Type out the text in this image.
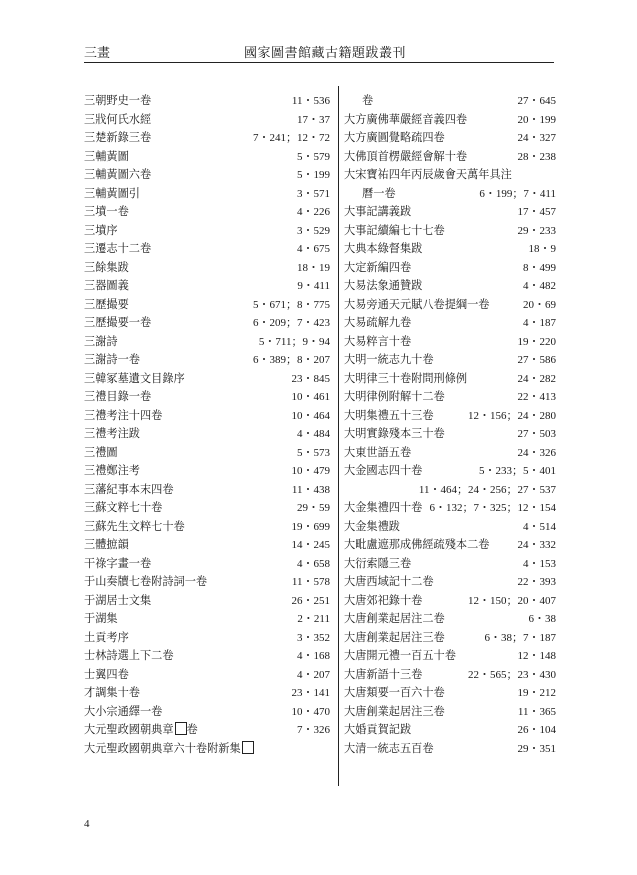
三畫	國家圖書館藏古籍題跋叢刊
三朝野史一卷	11・536
三戕何氏水經	17・37
三楚新錄三卷	7・241；12・72
三輔黃圖	5・579
三輔黃圖六卷	5・199
三輔黃圖引	3・571
三墳一卷	4・226
三墳序	3・529
三遷志十二卷	4・675
三餘集跋	18・19
三器圖義	9・411
三歷撮要	5・671；8・775
三歷撮要一卷	6・209；7・423
三謝詩	5・711；9・94
三謝詩一卷	6・389；8・207
三韓冢墓遺文目錄序	23・845
三禮目錄一卷	10・461
三禮考注十四卷	10・464
三禮考注跋	4・484
三禮圖	5・573
三禮鄭注考	10・479
三藩紀事本末四卷	11・438
三蘇文粹七十卷	29・59
三蘇先生文粹七十卷	19・699
三體摭韻	14・245
干祿字畫一卷	4・658
于山奏牘七卷附詩詞一卷	11・578
于湖居士文集	26・251
于湖集	2・211
土貢考序	3・352
士林詩選上下二卷	4・168
士翼四卷	4・207
才調集十卷	23・141
大小宗通繹一卷	10・470
大元聖政國朝典章 卷	7・326
大元聖政國朝典章六十卷附新集
卷	27・645
大方廣佛華嚴經音義四卷	20・199
大方廣圓覺略疏四卷	24・327
大佛頂首楞嚴經會解十卷	28・238
大宋寶祐四年丙辰歲會天萬年具注
曆一卷	6・199；7・411
大事記講義跋	17・457
大事記續編七十七卷	29・233
大典本綠督集跋	18・9
大定新編四卷	8・499
大易法象通贊跋	4・482
大易旁通天元賦八卷提綱一卷	20・69
大易疏解九卷	4・187
大易粹言十卷	19・220
大明一統志九十卷	27・586
大明律三十卷附問刑條例	24・282
大明律例附解十二卷	22・413
大明集禮五十三卷	12・156；24・280
大明實錄殘本三十卷	27・503
大東世語五卷	24・326
大金國志四十卷	5・233；5・401
11・464；24・256；27・537
大金集禮四十卷 6・132；7・325；12・154
大金集禮跋	4・514
大毗盧遮那成佛經疏殘本二卷	24・332
大衍索隱三卷	4・153
大唐西域記十二卷	22・393
大唐郊祀錄十卷	12・150；20・407
大唐創業起居注二卷	6・38
大唐創業起居注三卷	6・38；7・187
大唐開元禮一百五十卷	12・148
大唐新語十三卷	22・565；23・430
大唐類要一百六十卷	19・212
大唐創業起居注三卷	11・365
大婚貢賀記跋	26・104
大清一統志五百卷	29・351
4
